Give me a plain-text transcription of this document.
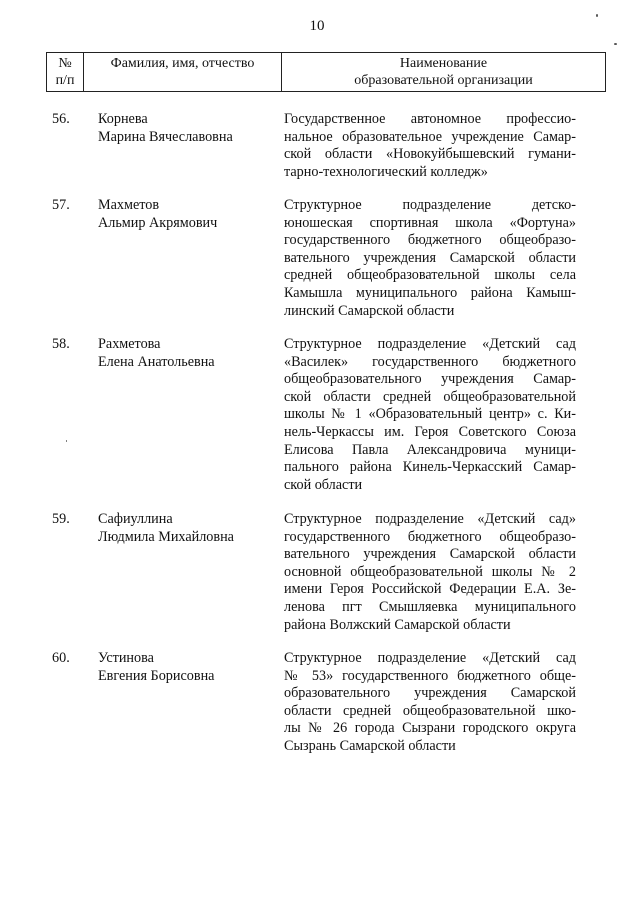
10
№
п/п
Фамилия, имя, отчество	Наименование
образовательной организации
56.	Корнева
Марина Вячеславовна
Государственное автономное профессио-
нальное образовательное учреждение Самар-
ской области «Новокуйбышевский гумани-
тарно-технологический колледж»
57.	Махметов
Альмир Акрямович
Структурное подразделение детско-
юношеская спортивная школа «Фортуна»
государственного бюджетного общеобразо-
вательного учреждения Самарской области
средней общеобразовательной школы села
Камышла муниципального района Камыш-
линский Самарской области
58.	Рахметова
Елена Анатольевна
Структурное подразделение «Детский сад
«Василек» государственного бюджетного
общеобразовательного учреждения Самар-
ской области средней общеобразовательной
школы № 1 «Образовательный центр» с. Ки-
нель-Черкассы им. Героя Советского Союза
Елисова Павла Александровича муници-
пального района Кинель-Черкасский Самар-
ской области
59.	Сафиуллина
Людмила Михайловна
Структурное подразделение «Детский сад»
государственного бюджетного общеобразо-
вательного учреждения Самарской области
основной общеобразовательной школы № 2
имени Героя Российской Федерации Е.А. Зе-
ленова пгт Смышляевка муниципального
района Волжский Самарской области
60.	Устинова
Евгения Борисовна
Структурное подразделение «Детский сад
№ 53» государственного бюджетного обще-
образовательного учреждения Самарской
области средней общеобразовательной шко-
лы № 26 города Сызрани городского округа
Сызрань Самарской области
